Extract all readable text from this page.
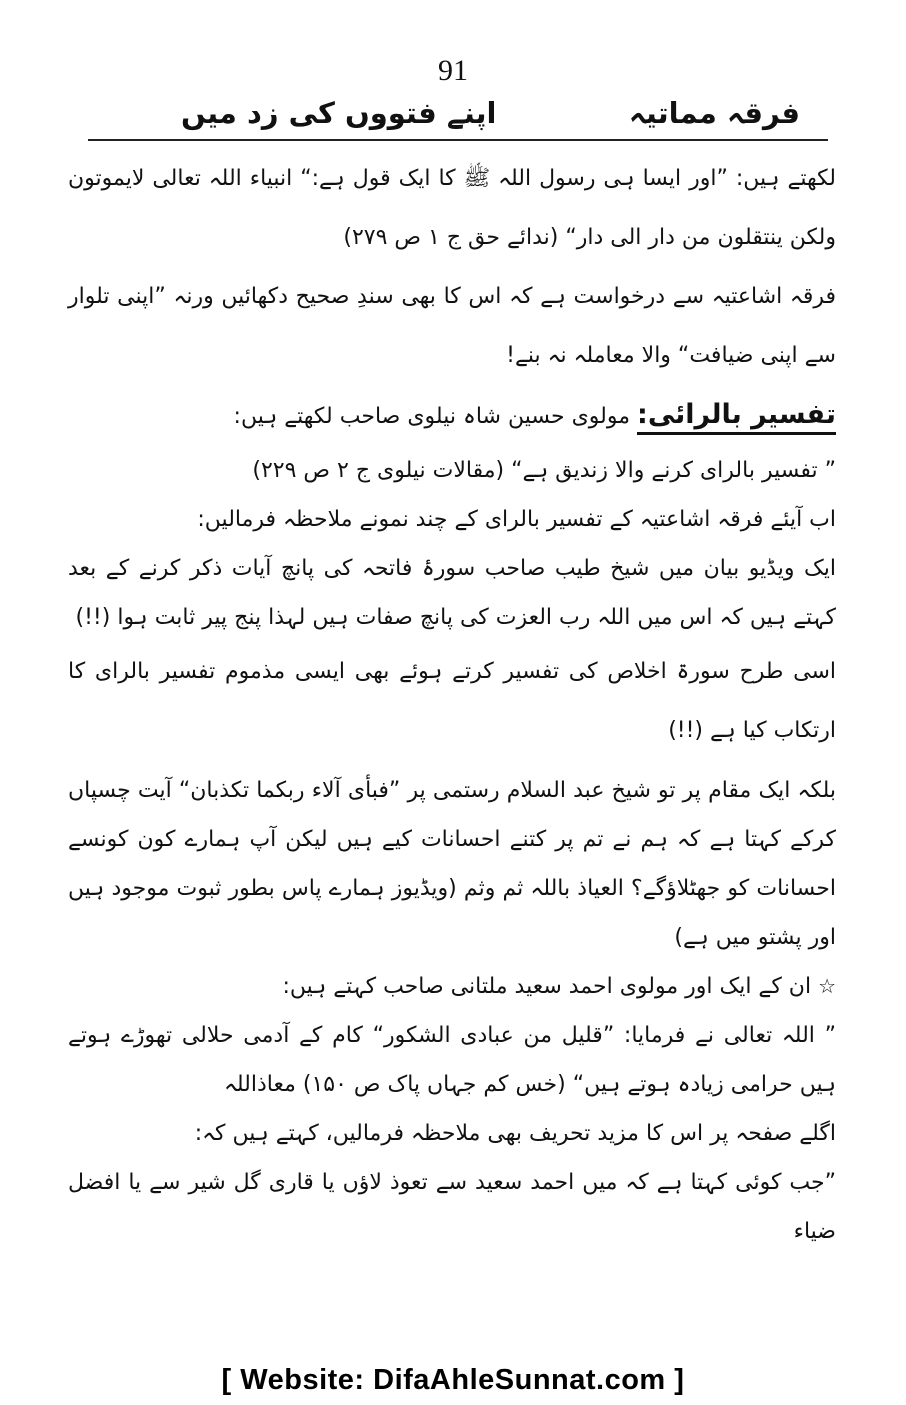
91
فرقہ مماتیہ
اپنے فتووں کی زد میں

لکھتے ہیں: ”اور ایسا ہی رسول اللہ ﷺ کا ایک قول ہے:“ انبیاء اللہ تعالی لایموتون ولکن ینتقلون من دار الی دار“ (ندائے حق ج ۱ ص ۲۷۹)

فرقہ اشاعتیہ سے درخواست ہے کہ اس کا بھی سندِ صحیح دکھائیں ورنہ ”اپنی تلوار سے اپنی ضیافت“ والا معاملہ نہ بنے!

تفسیر بالرائی: مولوی حسین شاہ نیلوی صاحب لکھتے ہیں:

” تفسیر بالرای کرنے والا زندیق ہے“ (مقالات نیلوی ج ۲ ص ۲۲۹)

اب آیئے فرقہ اشاعتیہ کے تفسیر بالرای کے چند نمونے ملاحظہ فرمالیں:

ایک ویڈیو بیان میں شیخ طیب صاحب سورۂ فاتحہ کی پانچ آیات ذکر کرنے کے بعد کہتے ہیں کہ اس میں اللہ رب العزت کی پانچ صفات ہیں لہذا پنج پیر ثابت ہوا (!!)

اسی طرح سورۃ اخلاص کی تفسیر کرتے ہوئے بھی ایسی مذموم تفسیر بالرای کا ارتکاب کیا ہے (!!)

بلکہ ایک مقام پر تو شیخ عبد السلام رستمی پر ”فبأی آلاء ربکما تکذبان“ آیت چسپاں کرکے کہتا ہے کہ ہم نے تم پر کتنے احسانات کیے ہیں لیکن آپ ہمارے کون کونسے احسانات کو جھٹلاؤگے؟ العیاذ باللہ ثم وثم (ویڈیوز ہمارے پاس بطور ثبوت موجود ہیں اور پشتو میں ہے)

☆ ان کے ایک اور مولوی احمد سعید ملتانی صاحب کہتے ہیں:

” اللہ تعالی نے فرمایا: ”قلیل من عبادی الشکور“ کام کے آدمی حلالی تھوڑے ہوتے ہیں حرامی زیادہ ہوتے ہیں“ (خس کم جہاں پاک ص ۱۵۰) معاذاللہ

اگلے صفحہ پر اس کا مزید تحریف بھی ملاحظہ فرمالیں، کہتے ہیں کہ:

”جب کوئی کہتا ہے کہ میں احمد سعید سے تعوذ لاؤں یا قاری گل شیر سے یا افضل ضیاء

[ Website: DifaAhleSunnat.com ]
